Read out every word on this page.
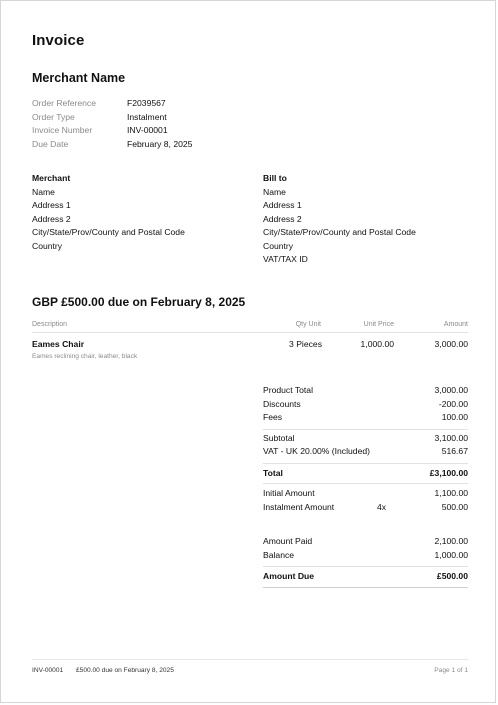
Invoice
Merchant Name
Order Reference	F2039567
Order Type	Instalment
Invoice Number	INV-00001
Due Date	February 8, 2025
Merchant
Name
Address 1
Address 2
City/State/Prov/County and Postal Code
Country
Bill to
Name
Address 1
Address 2
City/State/Prov/County and Postal Code
Country
VAT/TAX ID
GBP £500.00 due on February 8, 2025
Description	Qty Unit	Unit Price	Amount
Eames Chair	3 Pieces	1,000.00	3,000.00
Eames reclining chair, leather, black
Product Total	3,000.00
Discounts	-200.00
Fees	100.00
Subtotal	3,100.00
VAT - UK 20.00% (Included)	516.67
Total	£3,100.00
Initial Amount	1,100.00
Instalment Amount	4x	500.00
Amount Paid	2,100.00
Balance	1,000.00
Amount Due	£500.00
INV-00001 £500.00 due on February 8, 2025	Page 1 of 1
